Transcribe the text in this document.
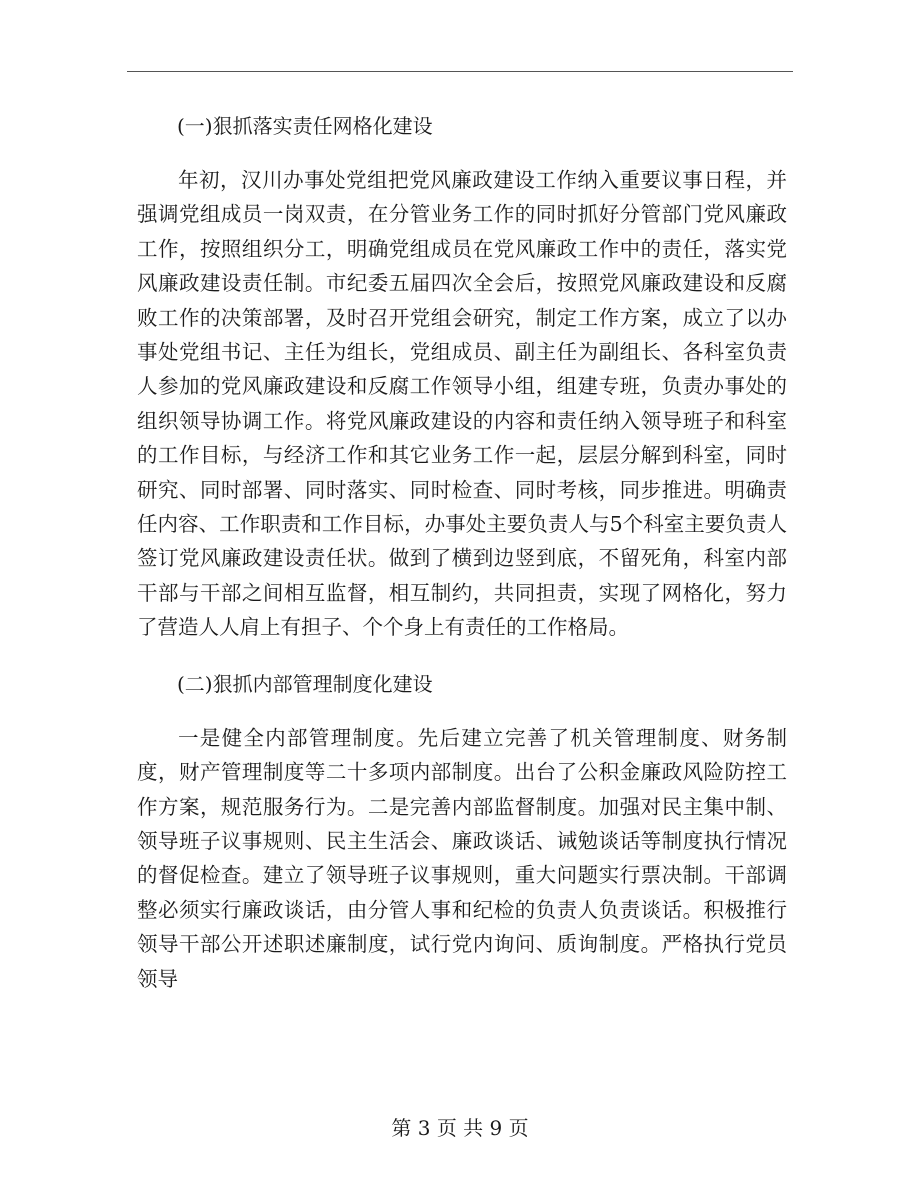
(一)狠抓落实责任网格化建设

年初，汉川办事处党组把党风廉政建设工作纳入重要议事日程，并强调党组成员一岗双责，在分管业务工作的同时抓好分管部门党风廉政工作，按照组织分工，明确党组成员在党风廉政工作中的责任，落实党风廉政建设责任制。市纪委五届四次全会后，按照党风廉政建设和反腐败工作的决策部署，及时召开党组会研究，制定工作方案，成立了以办事处党组书记、主任为组长，党组成员、副主任为副组长、各科室负责人参加的党风廉政建设和反腐工作领导小组，组建专班，负责办事处的组织领导协调工作。将党风廉政建设的内容和责任纳入领导班子和科室的工作目标，与经济工作和其它业务工作一起，层层分解到科室，同时研究、同时部署、同时落实、同时检查、同时考核，同步推进。明确责任内容、工作职责和工作目标，办事处主要负责人与5个科室主要负责人签订党风廉政建设责任状。做到了横到边竖到底，不留死角，科室内部干部与干部之间相互监督，相互制约，共同担责，实现了网格化，努力了营造人人肩上有担子、个个身上有责任的工作格局。

(二)狠抓内部管理制度化建设

一是健全内部管理制度。先后建立完善了机关管理制度、财务制度，财产管理制度等二十多项内部制度。出台了公积金廉政风险防控工作方案，规范服务行为。二是完善内部监督制度。加强对民主集中制、领导班子议事规则、民主生活会、廉政谈话、诫勉谈话等制度执行情况的督促检查。建立了领导班子议事规则，重大问题实行票决制。干部调整必须实行廉政谈话，由分管人事和纪检的负责人负责谈话。积极推行领导干部公开述职述廉制度，试行党内询问、质询制度。严格执行党员领导

第 3 页 共 9 页
